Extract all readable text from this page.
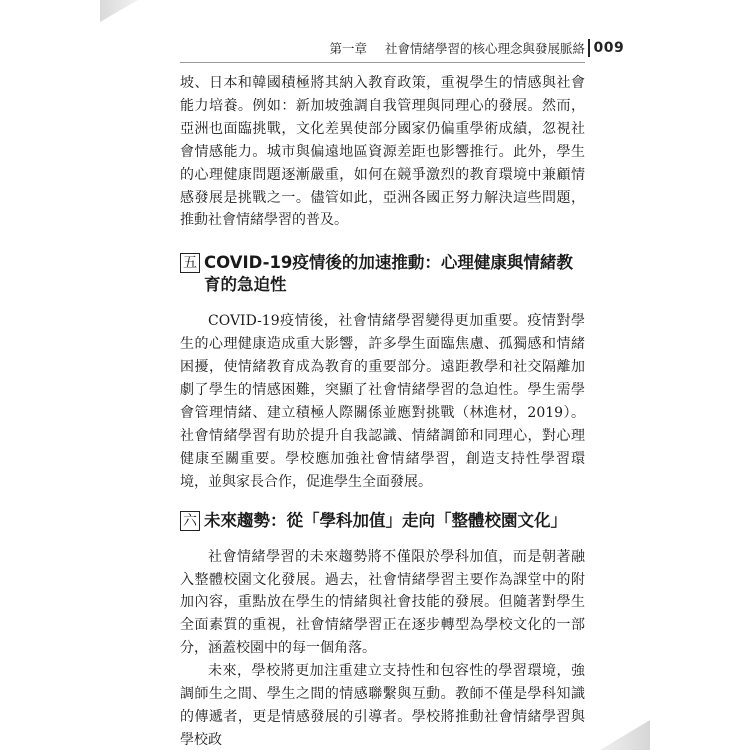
第一章 社會情緒學習的核心理念與發展脈絡 009

坡、日本和韓國積極將其納入教育政策，重視學生的情感與社會能力培養。例如：新加坡強調自我管理與同理心的發展。然而，亞洲也面臨挑戰，文化差異使部分國家仍偏重學術成績，忽視社會情感能力。城市與偏遠地區資源差距也影響推行。此外，學生的心理健康問題逐漸嚴重，如何在競爭激烈的教育環境中兼顧情感發展是挑戰之一。儘管如此，亞洲各國正努力解決這些問題，推動社會情緒學習的普及。

五 COVID-19疫情後的加速推動：心理健康與情緒教育的急迫性

COVID-19疫情後，社會情緒學習變得更加重要。疫情對學生的心理健康造成重大影響，許多學生面臨焦慮、孤獨感和情緒困擾，使情緒教育成為教育的重要部分。遠距教學和社交隔離加劇了學生的情感困難，突顯了社會情緒學習的急迫性。學生需學會管理情緒、建立積極人際關係並應對挑戰（林進材，2019）。社會情緒學習有助於提升自我認識、情緒調節和同理心，對心理健康至關重要。學校應加強社會情緒學習，創造支持性學習環境，並與家長合作，促進學生全面發展。

六 未來趨勢：從「學科加值」走向「整體校園文化」

社會情緒學習的未來趨勢將不僅限於學科加值，而是朝著融入整體校園文化發展。過去，社會情緒學習主要作為課堂中的附加內容，重點放在學生的情緒與社會技能的發展。但隨著對學生全面素質的重視，社會情緒學習正在逐步轉型為學校文化的一部分，涵蓋校園中的每一個角落。

未來，學校將更加注重建立支持性和包容性的學習環境，強調師生之間、學生之間的情感聯繫與互動。教師不僅是學科知識的傳遞者，更是情感發展的引導者。學校將推動社會情緒學習與學校政
